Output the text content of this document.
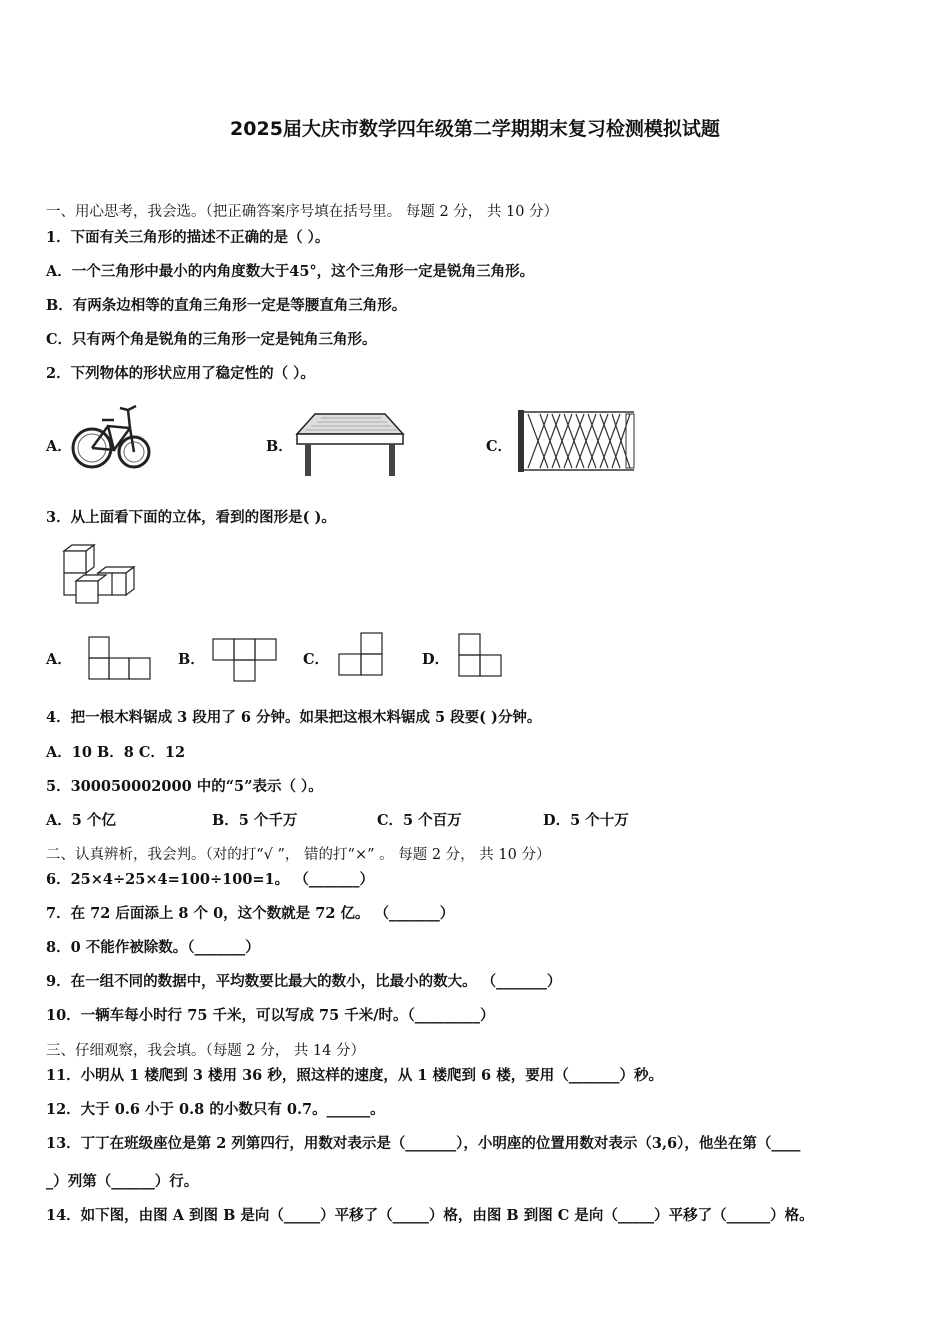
2025届大庆市数学四年级第二学期期末复习检测模拟试题
一、用心思考，我会选。（把正确答案序号填在括号里。 每题 2 分， 共 10 分）
1．下面有关三角形的描述不正确的是（ ）。
A．一个三角形中最小的内角度数大于45°，这个三角形一定是锐角三角形。
B．有两条边相等的直角三角形一定是等腰直角三角形。
C．只有两个角是锐角的三角形一定是钝角三角形。
2．下列物体的形状应用了稳定性的（ ）。
A．	B．	C．
3．从上面看下面的立体，看到的图形是( )。
A．	B．	C．	D．
4．把一根木料锯成 3 段用了 6 分钟。如果把这根木料锯成 5 段要( )分钟。
A．10 B．8 C．12
5．300050002000 中的“5”表示（ ）。
A．5 个亿	B．5 个千万	C．5 个百万	D．5 个十万
二、认真辨析，我会判。（对的打“√ ”， 错的打“×” 。 每题 2 分， 共 10 分）
6．25×4÷25×4=100÷100=1。 （_______）
7．在 72 后面添上 8 个 0，这个数就是 72 亿。 （_______）
8．0 不能作被除数。（_______）
9．在一组不同的数据中，平均数要比最大的数小，比最小的数大。 （_______）
10．一辆车每小时行 75 千米，可以写成 75 千米/时。（_________）
三、仔细观察，我会填。（每题 2 分， 共 14 分）
11．小明从 1 楼爬到 3 楼用 36 秒，照这样的速度，从 1 楼爬到 6 楼，要用（_______）秒。
12．大于 0.6 小于 0.8 的小数只有 0.7。______。
13．丁丁在班级座位是第 2 列第四行，用数对表示是（_______），小明座的位置用数对表示（3,6），他坐在第（____
_）列第（______）行。
14．如下图，由图 A 到图 B 是向（_____）平移了（_____）格，由图 B 到图 C 是向（_____）平移了（______）格。
